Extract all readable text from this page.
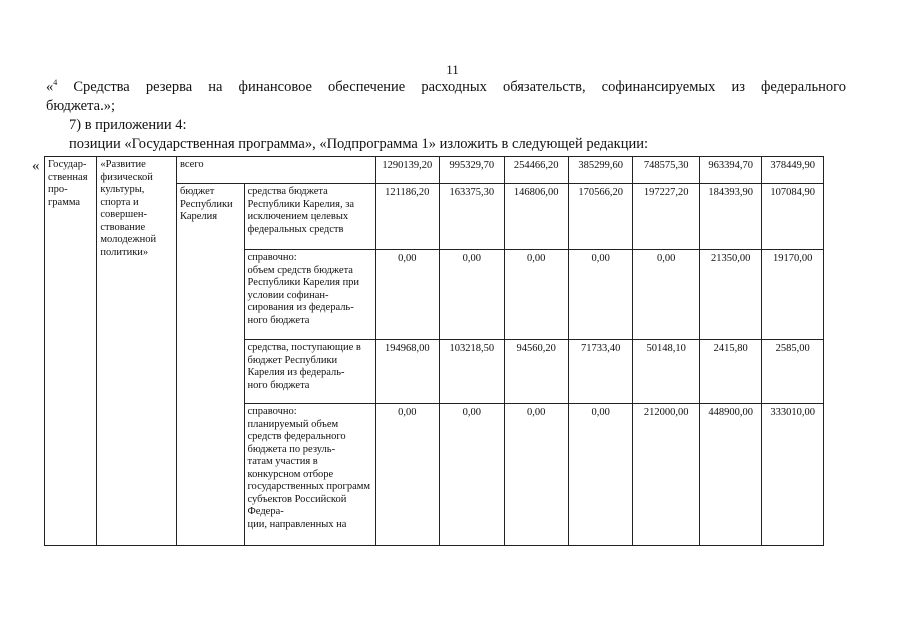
11
«$^4$ Средства резерва на финансовое обеспечение расходных обязательств, софинансируемых из федерального
бюджета.»;
7) в приложении 4:
позиции «Государственная программа», «Подпрограмма 1» изложить в следующей редакции:
« Государ-
ственная про-
грамма	«Развитие физической культуры, спорта и совершен-
ствование молодежной политики»	всего		1290139,20	995329,70	254466,20	385299,60	748575,30	963394,70	378449,90
		бюджет Республики Карелия	средства бюджета Республики Карелия, за исключением целевых федеральных средств	121186,20	163375,30	146806,00	170566,20	197227,20	184393,90	107084,90
			справочно:
объем средств бюджета Республики Карелия при условии софинан-
сирования из федераль-
ного бюджета	0,00	0,00	0,00	0,00	0,00	21350,00	19170,00
			средства, поступающие в бюджет Республики Карелия из федераль-
ного бюджета	194968,00	103218,50	94560,20	71733,40	50148,10	2415,80	2585,00
			справочно:
планируемый объем средств федерального бюджета по резуль-
татам участия в конкурсном отборе государственных программ субъектов Российской Федера-
ции, направленных на	0,00	0,00	0,00	0,00	212000,00	448900,00	333010,00
